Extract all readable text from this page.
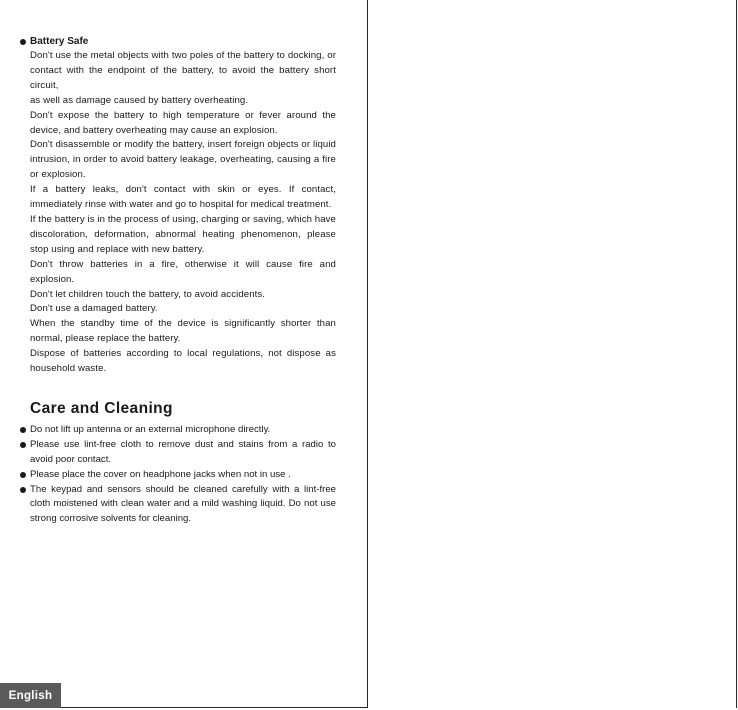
Battery Safe

Don't use the metal objects with two poles of the battery to docking, or contact with the endpoint of the battery, to avoid the battery short circuit,

as well as damage caused by battery overheating.

Don't expose the battery to high temperature or fever around the device, and battery overheating may cause an explosion.

Don't disassemble or modify the battery, insert foreign objects or liquid intrusion, in order to avoid battery leakage, overheating, causing a fire or explosion.

If a battery leaks, don't contact with skin or eyes. If contact, immediately rinse with water and go to hospital for medical treatment.

If the battery is in the process of using, charging or saving, which have discoloration, deformation, abnormal heating phenomenon, please stop using and replace with new battery.

Don't throw batteries in a fire, otherwise it will cause fire and explosion.

Don't let children touch the battery, to avoid accidents.

Don't use a damaged battery.

When the standby time of the device is significantly shorter than normal, please replace the battery.

Dispose of batteries according to local regulations, not dispose as household waste.

Care and Cleaning
Do not lift up antenna or an external microphone directly.
Please use lint-free cloth to remove dust and stains from a radio to avoid poor contact.
Please place the cover on headphone jacks when not in use .
The keypad and sensors should be cleaned carefully with a lint-free cloth moistened with clean water and a mild washing liquid. Do not use strong corrosive solvents for cleaning.
English
